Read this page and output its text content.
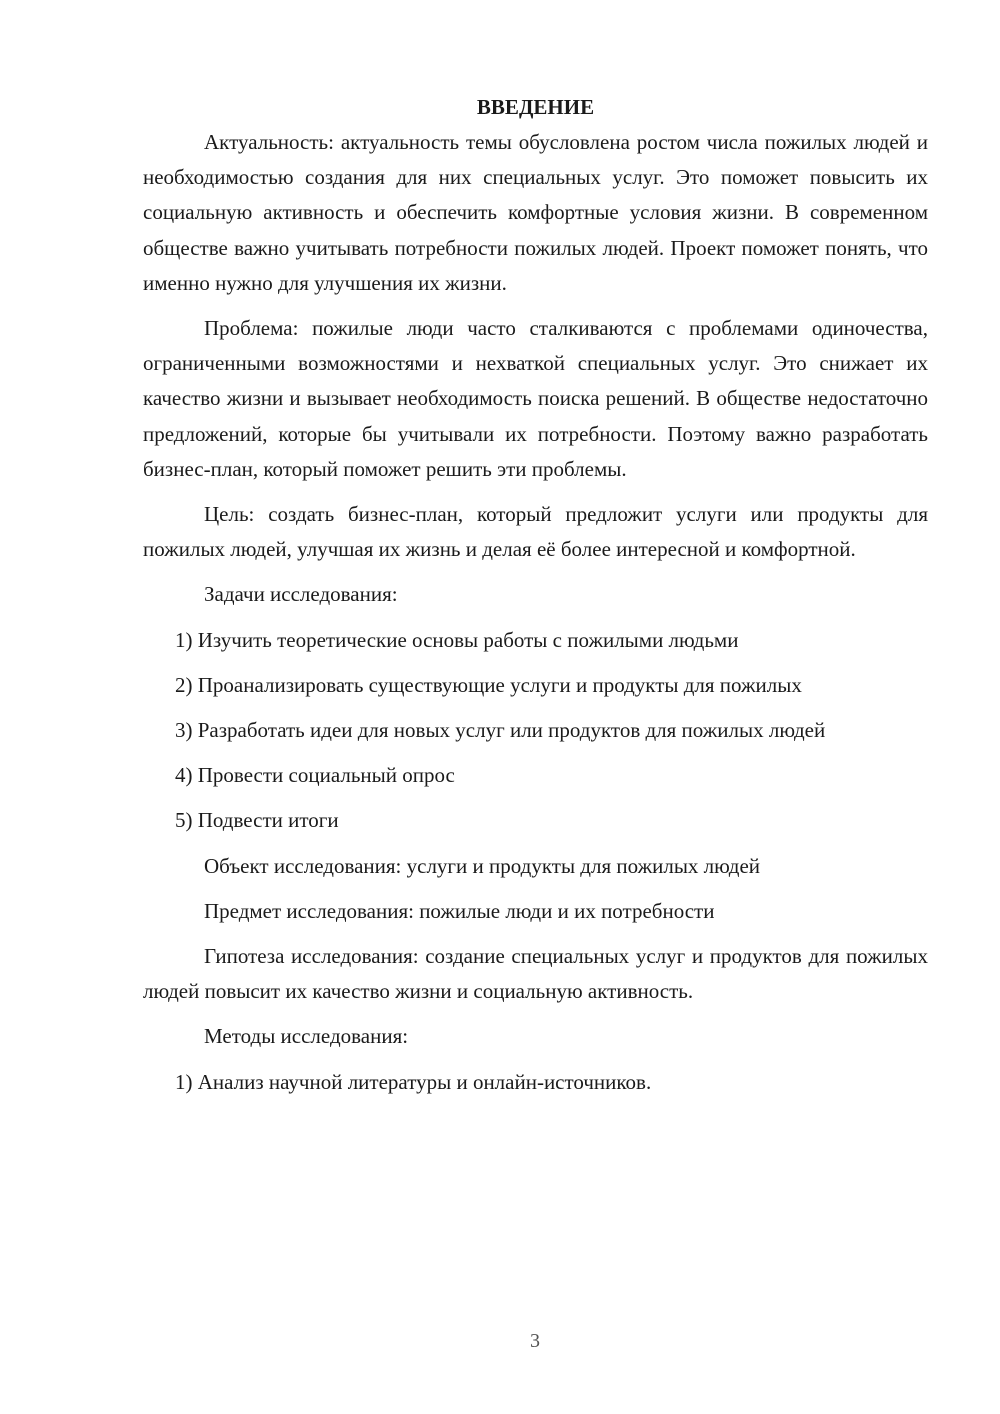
ВВЕДЕНИЕ

Актуальность: актуальность темы обусловлена ростом числа пожилых людей и необходимостью создания для них специальных услуг. Это поможет повысить их социальную активность и обеспечить комфортные условия жизни. В современном обществе важно учитывать потребности пожилых людей. Проект поможет понять, что именно нужно для улучшения их жизни.

Проблема: пожилые люди часто сталкиваются с проблемами одиночества, ограниченными возможностями и нехваткой специальных услуг. Это снижает их качество жизни и вызывает необходимость поиска решений. В обществе недостаточно предложений, которые бы учитывали их потребности. Поэтому важно разработать бизнес-план, который поможет решить эти проблемы.

Цель: создать бизнес-план, который предложит услуги или продукты для пожилых людей, улучшая их жизнь и делая её более интересной и комфортной.

Задачи исследования:

1) Изучить теоретические основы работы с пожилыми людьми

2) Проанализировать существующие услуги и продукты для пожилых

3) Разработать идеи для новых услуг или продуктов для пожилых людей

4) Провести социальный опрос

5) Подвести итоги

Объект исследования: услуги и продукты для пожилых людей

Предмет исследования: пожилые люди и их потребности

Гипотеза исследования: создание специальных услуг и продуктов для пожилых людей повысит их качество жизни и социальную активность.

Методы исследования:

1) Анализ научной литературы и онлайн-источников.

3
